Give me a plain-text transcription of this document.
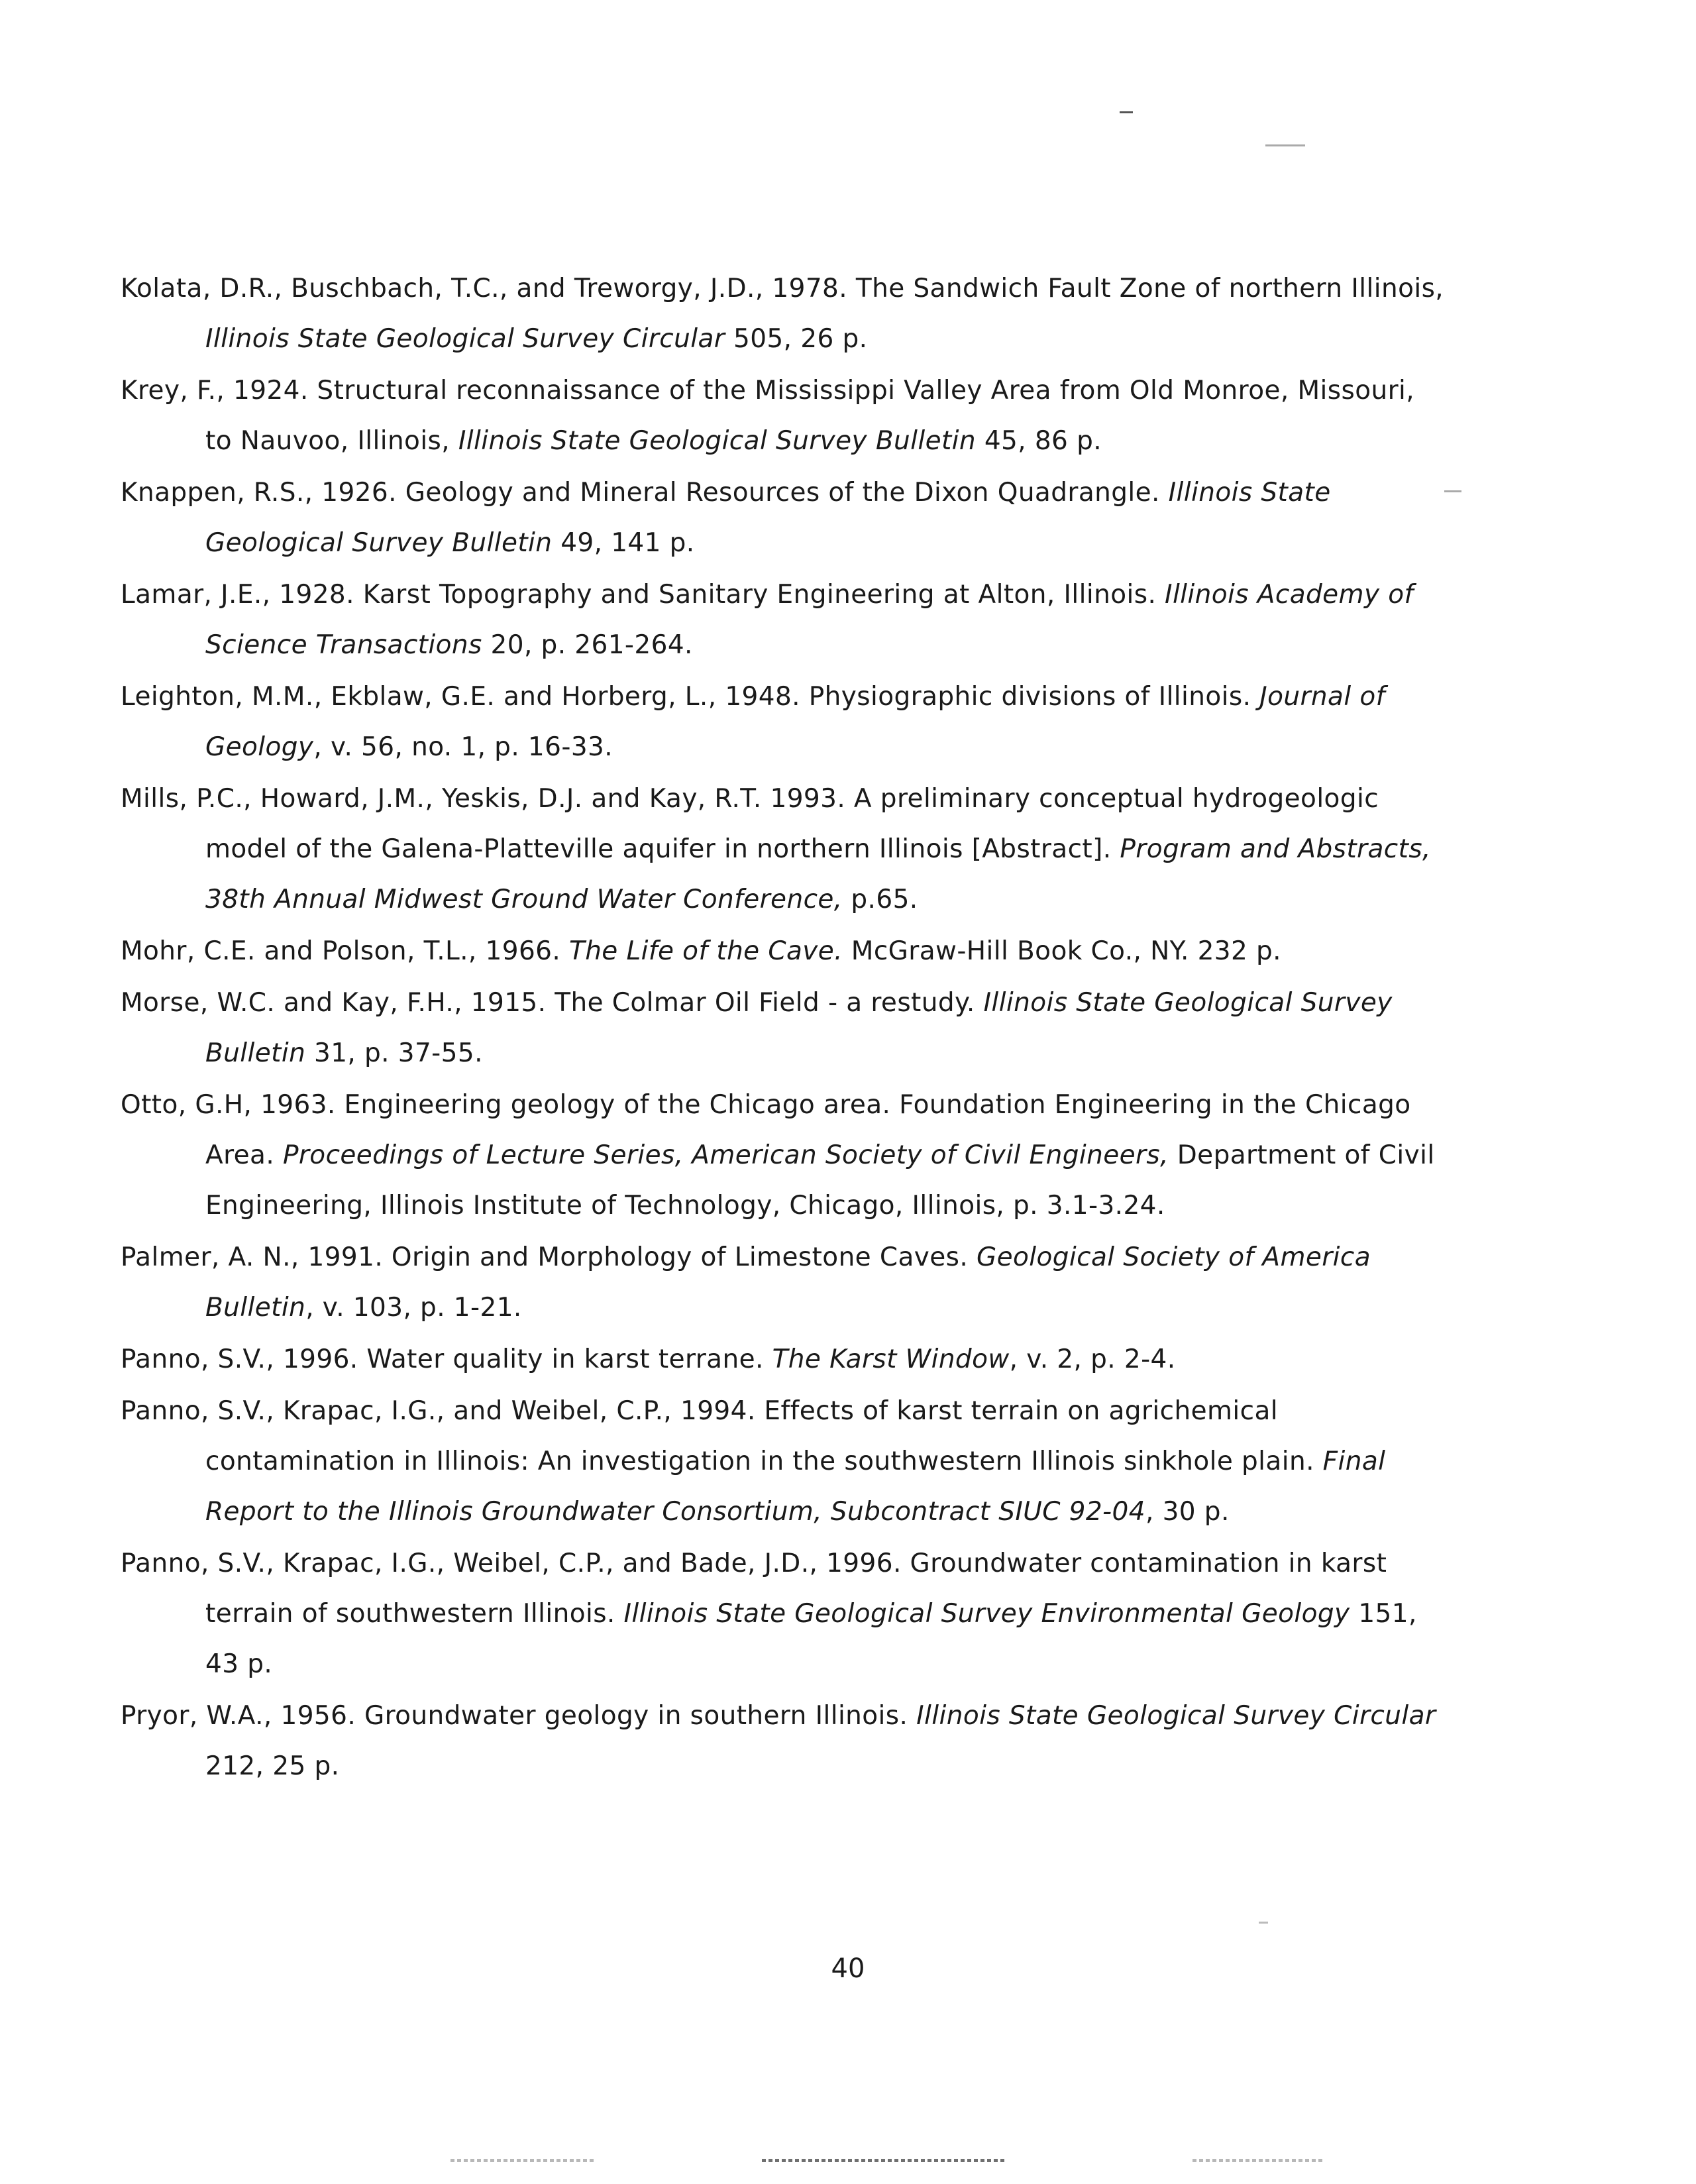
Kolata, D.R., Buschbach, T.C., and Treworgy, J.D., 1978. The Sandwich Fault Zone of northern Illinois, Illinois State Geological Survey Circular 505, 26 p.
Krey, F., 1924. Structural reconnaissance of the Mississippi Valley Area from Old Monroe, Missouri, to Nauvoo, Illinois, Illinois State Geological Survey Bulletin 45, 86 p.
Knappen, R.S., 1926. Geology and Mineral Resources of the Dixon Quadrangle. Illinois State Geological Survey Bulletin 49, 141 p.
Lamar, J.E., 1928. Karst Topography and Sanitary Engineering at Alton, Illinois. Illinois Academy of Science Transactions 20, p. 261-264.
Leighton, M.M., Ekblaw, G.E. and Horberg, L., 1948. Physiographic divisions of Illinois. Journal of Geology, v. 56, no. 1, p. 16-33.
Mills, P.C., Howard, J.M., Yeskis, D.J. and Kay, R.T. 1993. A preliminary conceptual hydrogeologic model of the Galena-Platteville aquifer in northern Illinois [Abstract]. Program and Abstracts, 38th Annual Midwest Ground Water Conference, p.65.
Mohr, C.E. and Polson, T.L., 1966. The Life of the Cave. McGraw-Hill Book Co., NY. 232 p.
Morse, W.C. and Kay, F.H., 1915. The Colmar Oil Field - a restudy. Illinois State Geological Survey Bulletin 31, p. 37-55.
Otto, G.H, 1963. Engineering geology of the Chicago area. Foundation Engineering in the Chicago Area. Proceedings of Lecture Series, American Society of Civil Engineers, Department of Civil Engineering, Illinois Institute of Technology, Chicago, Illinois, p. 3.1-3.24.
Palmer, A. N., 1991. Origin and Morphology of Limestone Caves. Geological Society of America Bulletin, v. 103, p. 1-21.
Panno, S.V., 1996. Water quality in karst terrane. The Karst Window, v. 2, p. 2-4.
Panno, S.V., Krapac, I.G., and Weibel, C.P., 1994. Effects of karst terrain on agrichemical contamination in Illinois: An investigation in the southwestern Illinois sinkhole plain. Final Report to the Illinois Groundwater Consortium, Subcontract SIUC 92-04, 30 p.
Panno, S.V., Krapac, I.G., Weibel, C.P., and Bade, J.D., 1996. Groundwater contamination in karst terrain of southwestern Illinois. Illinois State Geological Survey Environmental Geology 151, 43 p.
Pryor, W.A., 1956. Groundwater geology in southern Illinois. Illinois State Geological Survey Circular 212, 25 p.
40
